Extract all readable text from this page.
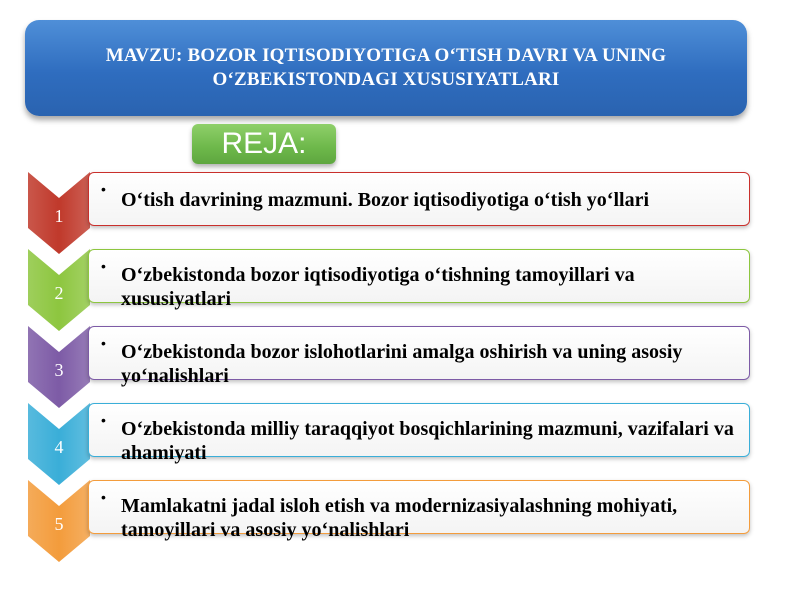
MAVZU: BOZOR IQTISODIYOTIGA O‘TISH DAVRI VA UNING O‘ZBEKISTONDAGI XUSUSIYATLARI
REJA:
1
• O‘tish davrining mazmuni. Bozor iqtisodiyotiga o‘tish yo‘llari
2
• O‘zbekistonda bozor iqtisodiyotiga o‘tishning tamoyillari va xususiyatlari
3
• O‘zbekistonda bozor islohotlarini amalga oshirish va uning asosiy yo‘nalishlari
4
• O‘zbekistonda milliy taraqqiyot bosqichlarining mazmuni, vazifalari va ahamiyati
5
• Mamlakatni jadal isloh etish va modernizasiyalashning mohiyati, tamoyillari va asosiy yo‘nalishlari
